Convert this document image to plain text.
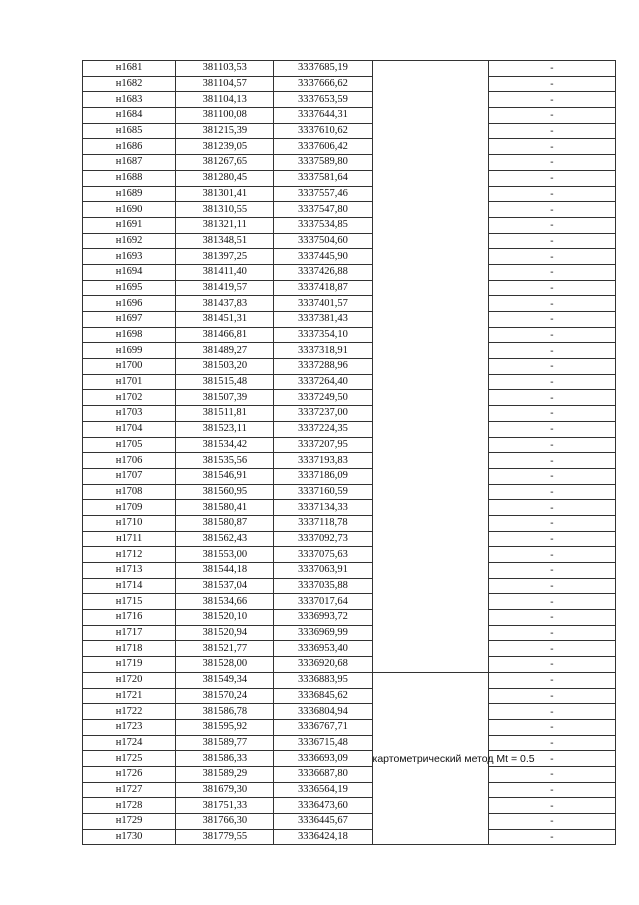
н1681	381103,53	3337685,19		-
н1682	381104,57	3337666,62		-
н1683	381104,13	3337653,59		-
н1684	381100,08	3337644,31		-
н1685	381215,39	3337610,62		-
н1686	381239,05	3337606,42		-
н1687	381267,65	3337589,80		-
н1688	381280,45	3337581,64		-
н1689	381301,41	3337557,46		-
н1690	381310,55	3337547,80		-
н1691	381321,11	3337534,85		-
н1692	381348,51	3337504,60		-
н1693	381397,25	3337445,90		-
н1694	381411,40	3337426,88		-
н1695	381419,57	3337418,87		-
н1696	381437,83	3337401,57		-
н1697	381451,31	3337381,43		-
н1698	381466,81	3337354,10		-
н1699	381489,27	3337318,91		-
н1700	381503,20	3337288,96		-
н1701	381515,48	3337264,40		-
н1702	381507,39	3337249,50		-
н1703	381511,81	3337237,00		-
н1704	381523,11	3337224,35		-
н1705	381534,42	3337207,95		-
н1706	381535,56	3337193,83		-
н1707	381546,91	3337186,09		-
н1708	381560,95	3337160,59		-
н1709	381580,41	3337134,33		-
н1710	381580,87	3337118,78		-
н1711	381562,43	3337092,73		-
н1712	381553,00	3337075,63		-
н1713	381544,18	3337063,91		-
н1714	381537,04	3337035,88		-
н1715	381534,66	3337017,64		-
н1716	381520,10	3336993,72		-
н1717	381520,94	3336969,99		-
н1718	381521,77	3336953,40		-
н1719	381528,00	3336920,68		-
н1720	381549,34	3336883,95	картометрический метод Mt = 0.5	-
н1721	381570,24	3336845,62		-
н1722	381586,78	3336804,94		-
н1723	381595,92	3336767,71		-
н1724	381589,77	3336715,48		-
н1725	381586,33	3336693,09		-
н1726	381589,29	3336687,80		-
н1727	381679,30	3336564,19		-
н1728	381751,33	3336473,60		-
н1729	381766,30	3336445,67		-
н1730	381779,55	3336424,18		-
